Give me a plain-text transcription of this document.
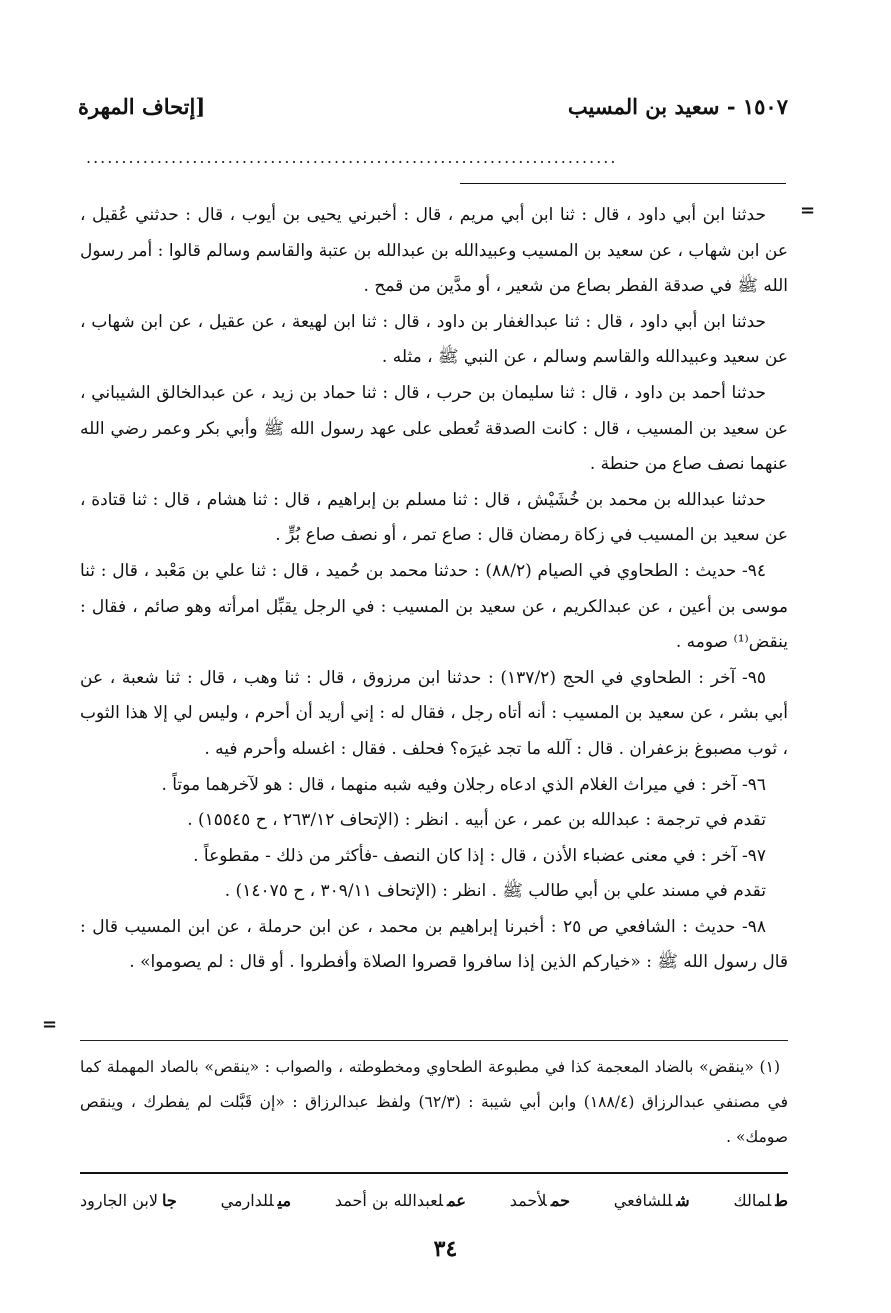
١٥٠٧ - سعيد بن المسيب
[إتحاف المهرة
...........................................................................
=
=

حدثنا ابن أبي داود ، قال : ثنا ابن أبي مريم ، قال : أخبرني يحيى بن أيوب ، قال : حدثني عُقيل ، عن ابن شهاب ، عن سعيد بن المسيب وعبيدالله بن عبدالله بن عتبة والقاسم وسالم قالوا : أمر رسول الله ﷺ في صدقة الفطر بصاع من شعير ، أو مدَّين من قمح .

حدثنا ابن أبي داود ، قال : ثنا عبدالغفار بن داود ، قال : ثنا ابن لهيعة ، عن عقيل ، عن ابن شهاب ، عن سعيد وعبيدالله والقاسم وسالم ، عن النبي ﷺ ، مثله .

حدثنا أحمد بن داود ، قال : ثنا سليمان بن حرب ، قال : ثنا حماد بن زيد ، عن عبدالخالق الشيباني ، عن سعيد بن المسيب ، قال : كانت الصدقة تُعطى على عهد رسول الله ﷺ وأبي بكر وعمر رضي الله عنهما نصف صاع من حنطة .

حدثنا عبدالله بن محمد بن خُشَيْش ، قال : ثنا مسلم بن إبراهيم ، قال : ثنا هشام ، قال : ثنا قتادة ، عن سعيد بن المسيب في زكاة رمضان قال : صاع تمر ، أو نصف صاع بُرٍّ .

٩٤- حديث : الطحاوي في الصيام (٨٨/٢) : حدثنا محمد بن حُميد ، قال : ثنا علي بن مَعْبد ، قال : ثنا موسى بن أعين ، عن عبدالكريم ، عن سعيد بن المسيب : في الرجل يقبِّل امرأته وهو صائم ، فقال : ينقض⁽¹⁾ صومه .

٩٥- آخر : الطحاوي في الحج (١٣٧/٢) : حدثنا ابن مرزوق ، قال : ثنا وهب ، قال : ثنا شعبة ، عن أبي بشر ، عن سعيد بن المسيب : أنه أتاه رجل ، فقال له : إني أريد أن أحرم ، وليس لي إلا هذا الثوب ، ثوب مصبوغ بزعفران . قال : آلله ما تجد غيرَه؟ فحلف . فقال : اغسله وأحرم فيه .

٩٦- آخر : في ميراث الغلام الذي ادعاه رجلان وفيه شبه منهما ، قال : هو لآخرهما موتاً .

تقدم في ترجمة : عبدالله بن عمر ، عن أبيه . انظر : (الإتحاف ٢٦٣/١٢ ، ح ١٥٥٤٥) .

٩٧- آخر : في معنى عضباء الأذن ، قال : إذا كان النصف -فأكثر من ذلك - مقطوعاً .

تقدم في مسند علي بن أبي طالب ﷺ . انظر : (الإتحاف ٣٠٩/١١ ، ح ١٤٠٧٥) .

٩٨- حديث : الشافعي ص ٢٥ : أخبرنا إبراهيم بن محمد ، عن ابن حرملة ، عن ابن المسيب قال : قال رسول الله ﷺ : «خياركم الذين إذا سافروا قصروا الصلاة وأفطروا . أو قال : لم يصوموا» .

(١) «ينقض» بالضاد المعجمة كذا في مطبوعة الطحاوي ومخطوطته ، والصواب : «ينقص» بالصاد المهملة كما في مصنفي عبدالرزاق (١٨٨/٤) وابن أبي شيبة : (٦٢/٣) ولفظ عبدالرزاق : «إن قَبَّلت لم يفطرك ، وينقص صومك» .

طلمالك
شللشافعي
حملأحمد
عملعبدالله بن أحمد
ميللدارمي
جالابن الجارود
٣٤
